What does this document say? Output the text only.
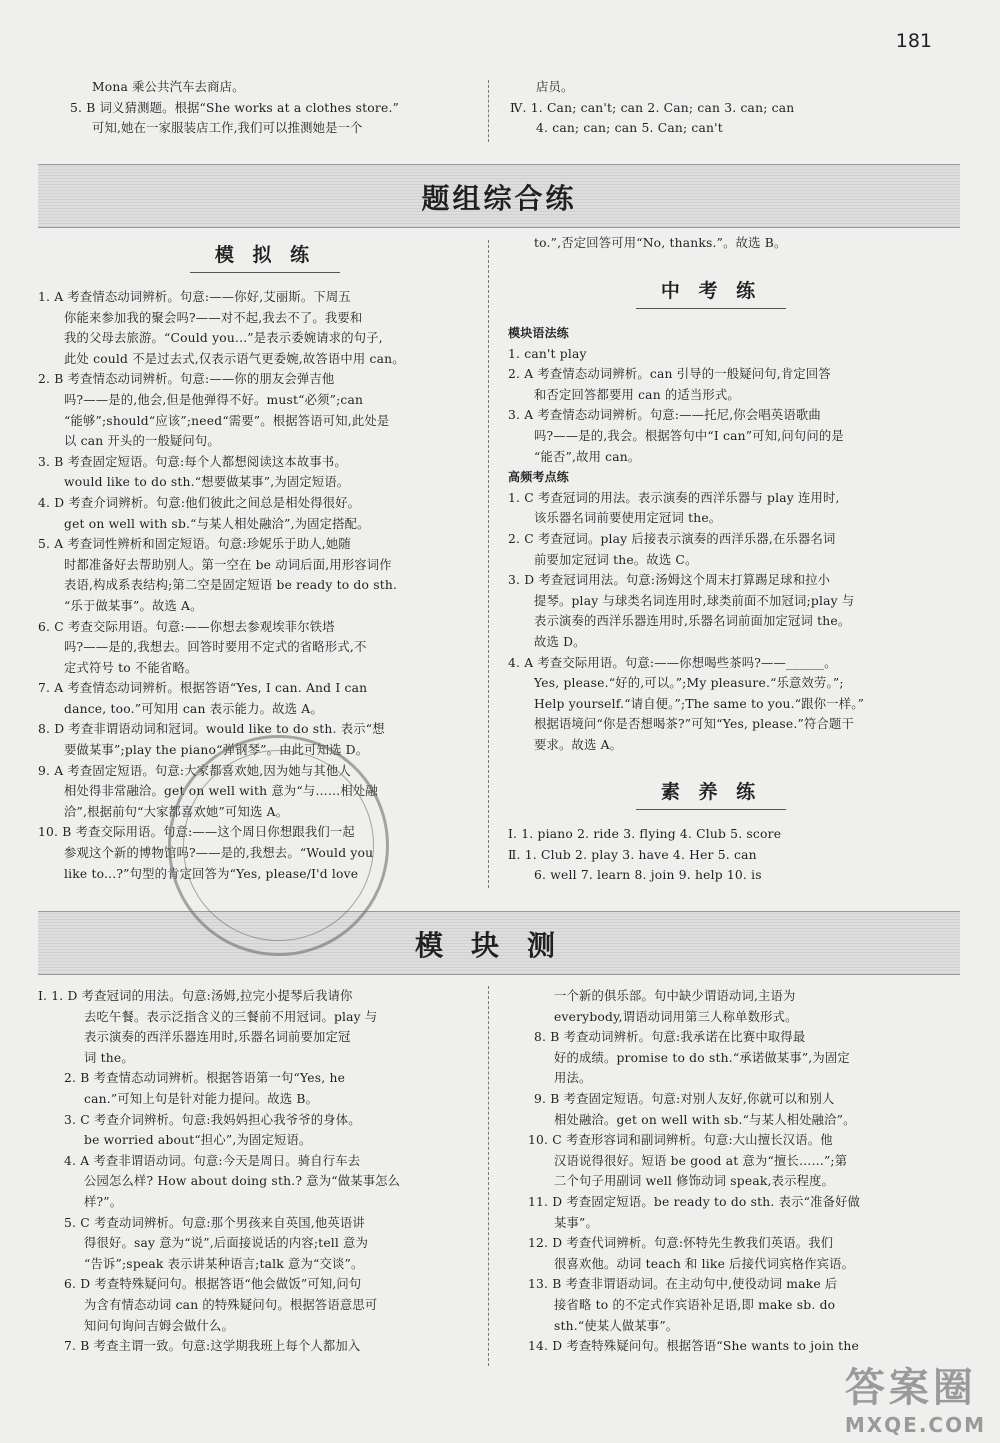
181

Mona 乘公共汽车去商店。

5. B 词义猜测题。根据“She works at a clothes store.”

可知,她在一家服装店工作,我们可以推测她是一个

店员。

Ⅳ. 1. Can; can't; can 2. Can; can 3. can; can

4. can; can; can 5. Can; can't

题组综合练
模 拟 练

1. A 考查情态动词辨析。句意:——你好,艾丽斯。下周五

你能来参加我的聚会吗?——对不起,我去不了。我要和

我的父母去旅游。“Could you...”是表示委婉请求的句子,

此处 could 不是过去式,仅表示语气更委婉,故答语中用 can。

2. B 考查情态动词辨析。句意:——你的朋友会弹吉他

吗?——是的,他会,但是他弹得不好。must“必须”;can

“能够”;should“应该”;need“需要”。根据答语可知,此处是

以 can 开头的一般疑问句。

3. B 考查固定短语。句意:每个人都想阅读这本故事书。

would like to do sth.“想要做某事”,为固定短语。

4. D 考查介词辨析。句意:他们彼此之间总是相处得很好。

get on well with sb.“与某人相处融洽”,为固定搭配。

5. A 考查词性辨析和固定短语。句意:珍妮乐于助人,她随

时都准备好去帮助别人。第一空在 be 动词后面,用形容词作

表语,构成系表结构;第二空是固定短语 be ready to do sth.

“乐于做某事”。故选 A。

6. C 考查交际用语。句意:——你想去参观埃菲尔铁塔

吗?——是的,我想去。回答时要用不定式的省略形式,不

定式符号 to 不能省略。

7. A 考查情态动词辨析。根据答语“Yes, I can. And I can

dance, too.”可知用 can 表示能力。故选 A。

8. D 考查非谓语动词和冠词。would like to do sth. 表示“想

要做某事”;play the piano“弹钢琴”。由此可知选 D。

9. A 考查固定短语。句意:大家都喜欢她,因为她与其他人

相处得非常融洽。get on well with 意为“与……相处融

洽”,根据前句“大家都喜欢她”可知选 A。

10. B 考查交际用语。句意:——这个周日你想跟我们一起

参观这个新的博物馆吗?——是的,我想去。“Would you

like to...?”句型的肯定回答为“Yes, please/I'd love

to.”,否定回答可用“No, thanks.”。故选 B。

中 考 练

模块语法练

1. can't play

2. A 考查情态动词辨析。can 引导的一般疑问句,肯定回答

和否定回答都要用 can 的适当形式。

3. A 考查情态动词辨析。句意:——托尼,你会唱英语歌曲

吗?——是的,我会。根据答句中“I can”可知,问句问的是

“能否”,故用 can。

高频考点练

1. C 考查冠词的用法。表示演奏的西洋乐器与 play 连用时,

该乐器名词前要使用定冠词 the。

2. C 考查冠词。play 后接表示演奏的西洋乐器,在乐器名词

前要加定冠词 the。故选 C。

3. D 考查冠词用法。句意:汤姆这个周末打算踢足球和拉小

提琴。play 与球类名词连用时,球类前面不加冠词;play 与

表示演奏的西洋乐器连用时,乐器名词前面加定冠词 the。

故选 D。

4. A 考查交际用语。句意:——你想喝些茶吗?——______。

Yes, please.“好的,可以。”;My pleasure.“乐意效劳。”;

Help yourself.“请自便。”;The same to you.“跟你一样。”

根据语境问“你是否想喝茶?”可知“Yes, please.”符合题干

要求。故选 A。

素 养 练

Ⅰ. 1. piano 2. ride 3. flying 4. Club 5. score

Ⅱ. 1. Club 2. play 3. have 4. Her 5. can

6. well 7. learn 8. join 9. help 10. is

模块测

Ⅰ. 1. D 考查冠词的用法。句意:汤姆,拉完小提琴后我请你

去吃午餐。表示泛指含义的三餐前不用冠词。play 与

表示演奏的西洋乐器连用时,乐器名词前要加定冠

词 the。

2. B 考查情态动词辨析。根据答语第一句“Yes, he

can.”可知上句是针对能力提问。故选 B。

3. C 考查介词辨析。句意:我妈妈担心我爷爷的身体。

be worried about“担心”,为固定短语。

4. A 考查非谓语动词。句意:今天是周日。骑自行车去

公园怎么样? How about doing sth.? 意为“做某事怎么

样?”。

5. C 考查动词辨析。句意:那个男孩来自英国,他英语讲

得很好。say 意为“说”,后面接说话的内容;tell 意为

“告诉”;speak 表示讲某种语言;talk 意为“交谈”。

6. D 考查特殊疑问句。根据答语“他会做饭”可知,问句

为含有情态动词 can 的特殊疑问句。根据答语意思可

知问句询问吉姆会做什么。

7. B 考查主谓一致。句意:这学期我班上每个人都加入

一个新的俱乐部。句中缺少谓语动词,主语为

everybody,谓语动词用第三人称单数形式。

8. B 考查动词辨析。句意:我承诺在比赛中取得最

好的成绩。promise to do sth.“承诺做某事”,为固定

用法。

9. B 考查固定短语。句意:对别人友好,你就可以和别人

相处融洽。get on well with sb.“与某人相处融洽”。

10. C 考查形容词和副词辨析。句意:大山擅长汉语。他

汉语说得很好。短语 be good at 意为“擅长……”;第

二个句子用副词 well 修饰动词 speak,表示程度。

11. D 考查固定短语。be ready to do sth. 表示“准备好做

某事”。

12. D 考查代词辨析。句意:怀特先生教我们英语。我们

很喜欢他。动词 teach 和 like 后接代词宾格作宾语。

13. B 考查非谓语动词。在主动句中,使役动词 make 后

接省略 to 的不定式作宾语补足语,即 make sb. do

sth.“使某人做某事”。

14. D 考查特殊疑问句。根据答语“She wants to join the

答案圈
MXQE.COM
